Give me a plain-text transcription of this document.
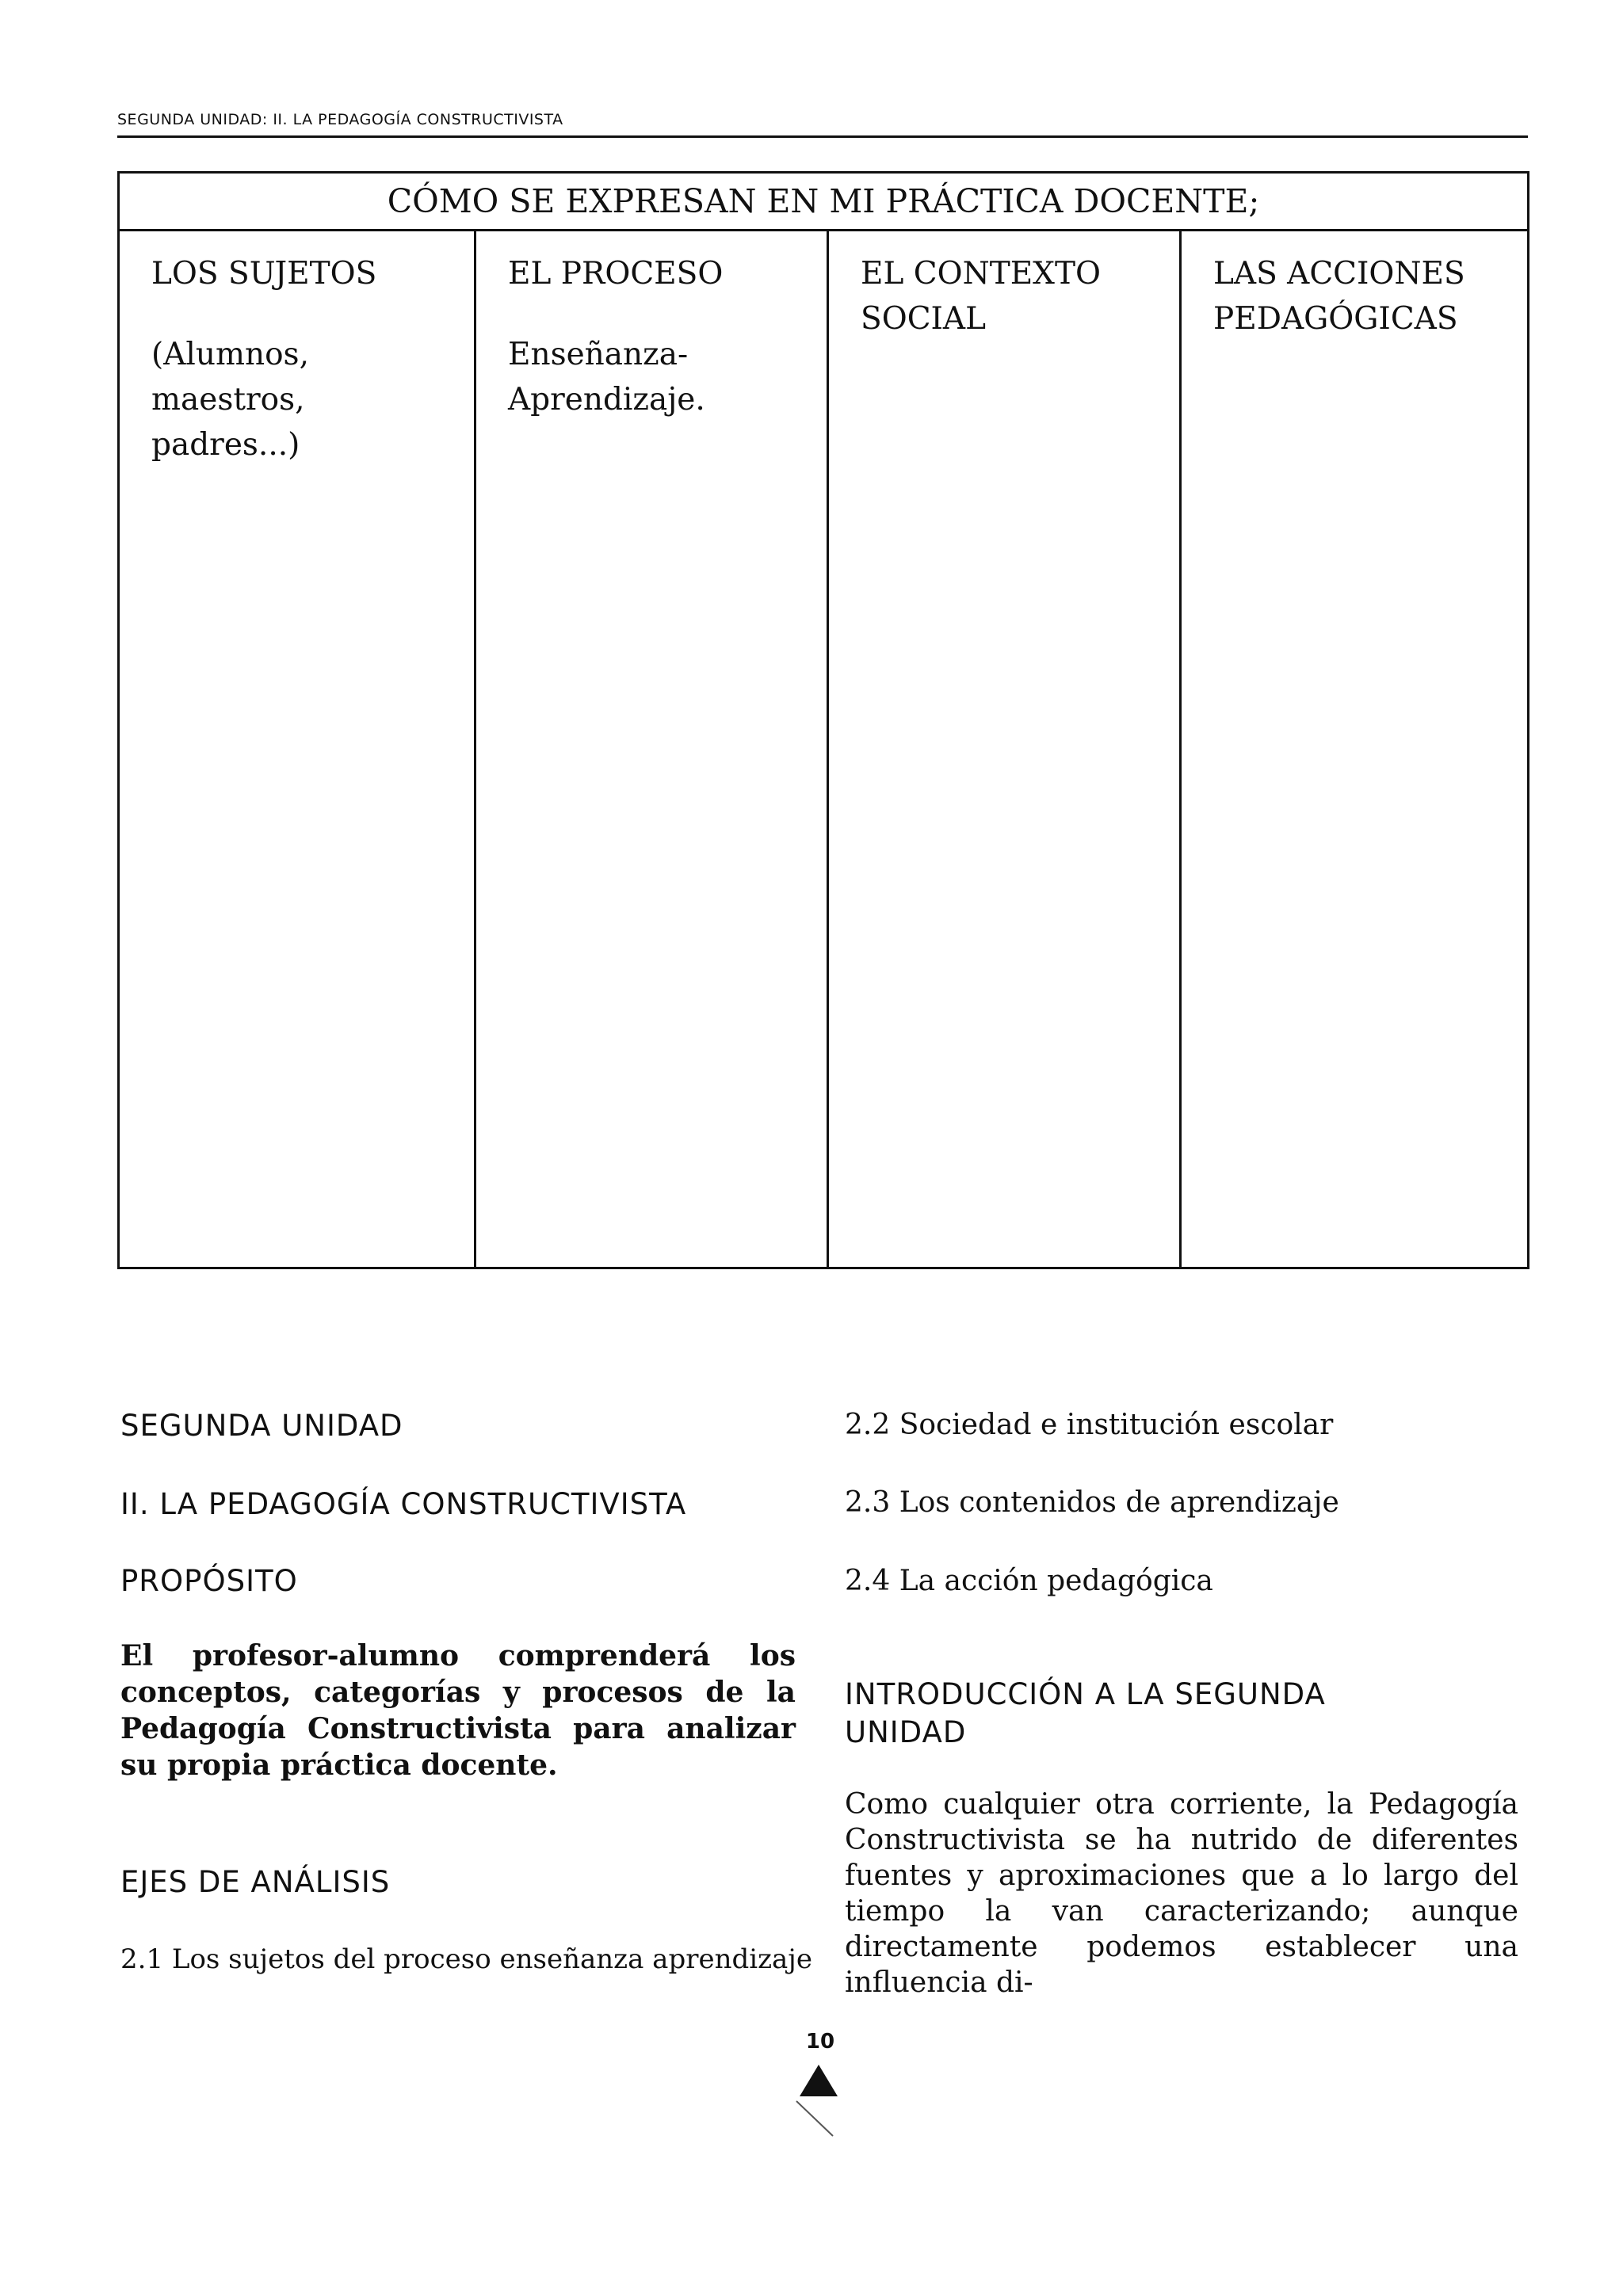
SEGUNDA UNIDAD: II. LA PEDAGOGÍA CONSTRUCTIVISTA
CÓMO SE EXPRESAN EN MI PRÁCTICA DOCENTE;
LOS SUJETOS
(Alumnos,
maestros,
padres...)
EL PROCESO
Enseñanza-
Aprendizaje.
EL CONTEXTO
SOCIAL
LAS ACCIONES
PEDAGÓGICAS
SEGUNDA UNIDAD
II. LA PEDAGOGÍA CONSTRUCTIVISTA
PROPÓSITO
El profesor-alumno comprenderá los conceptos, categorías y procesos de la Pedagogía Constructivista para analizar su propia práctica docente.
EJES DE ANÁLISIS
2.1 Los sujetos del proceso enseñanza aprendizaje
2.2 Sociedad e institución escolar
2.3 Los contenidos de aprendizaje
2.4 La acción pedagógica
INTRODUCCIÓN A LA SEGUNDA UNIDAD
Como cualquier otra corriente, la Pedagogía Constructivista se ha nutrido de diferentes fuentes y aproximaciones que a lo largo del tiempo la van caracterizando; aunque directamente podemos establecer una influencia di-
10
